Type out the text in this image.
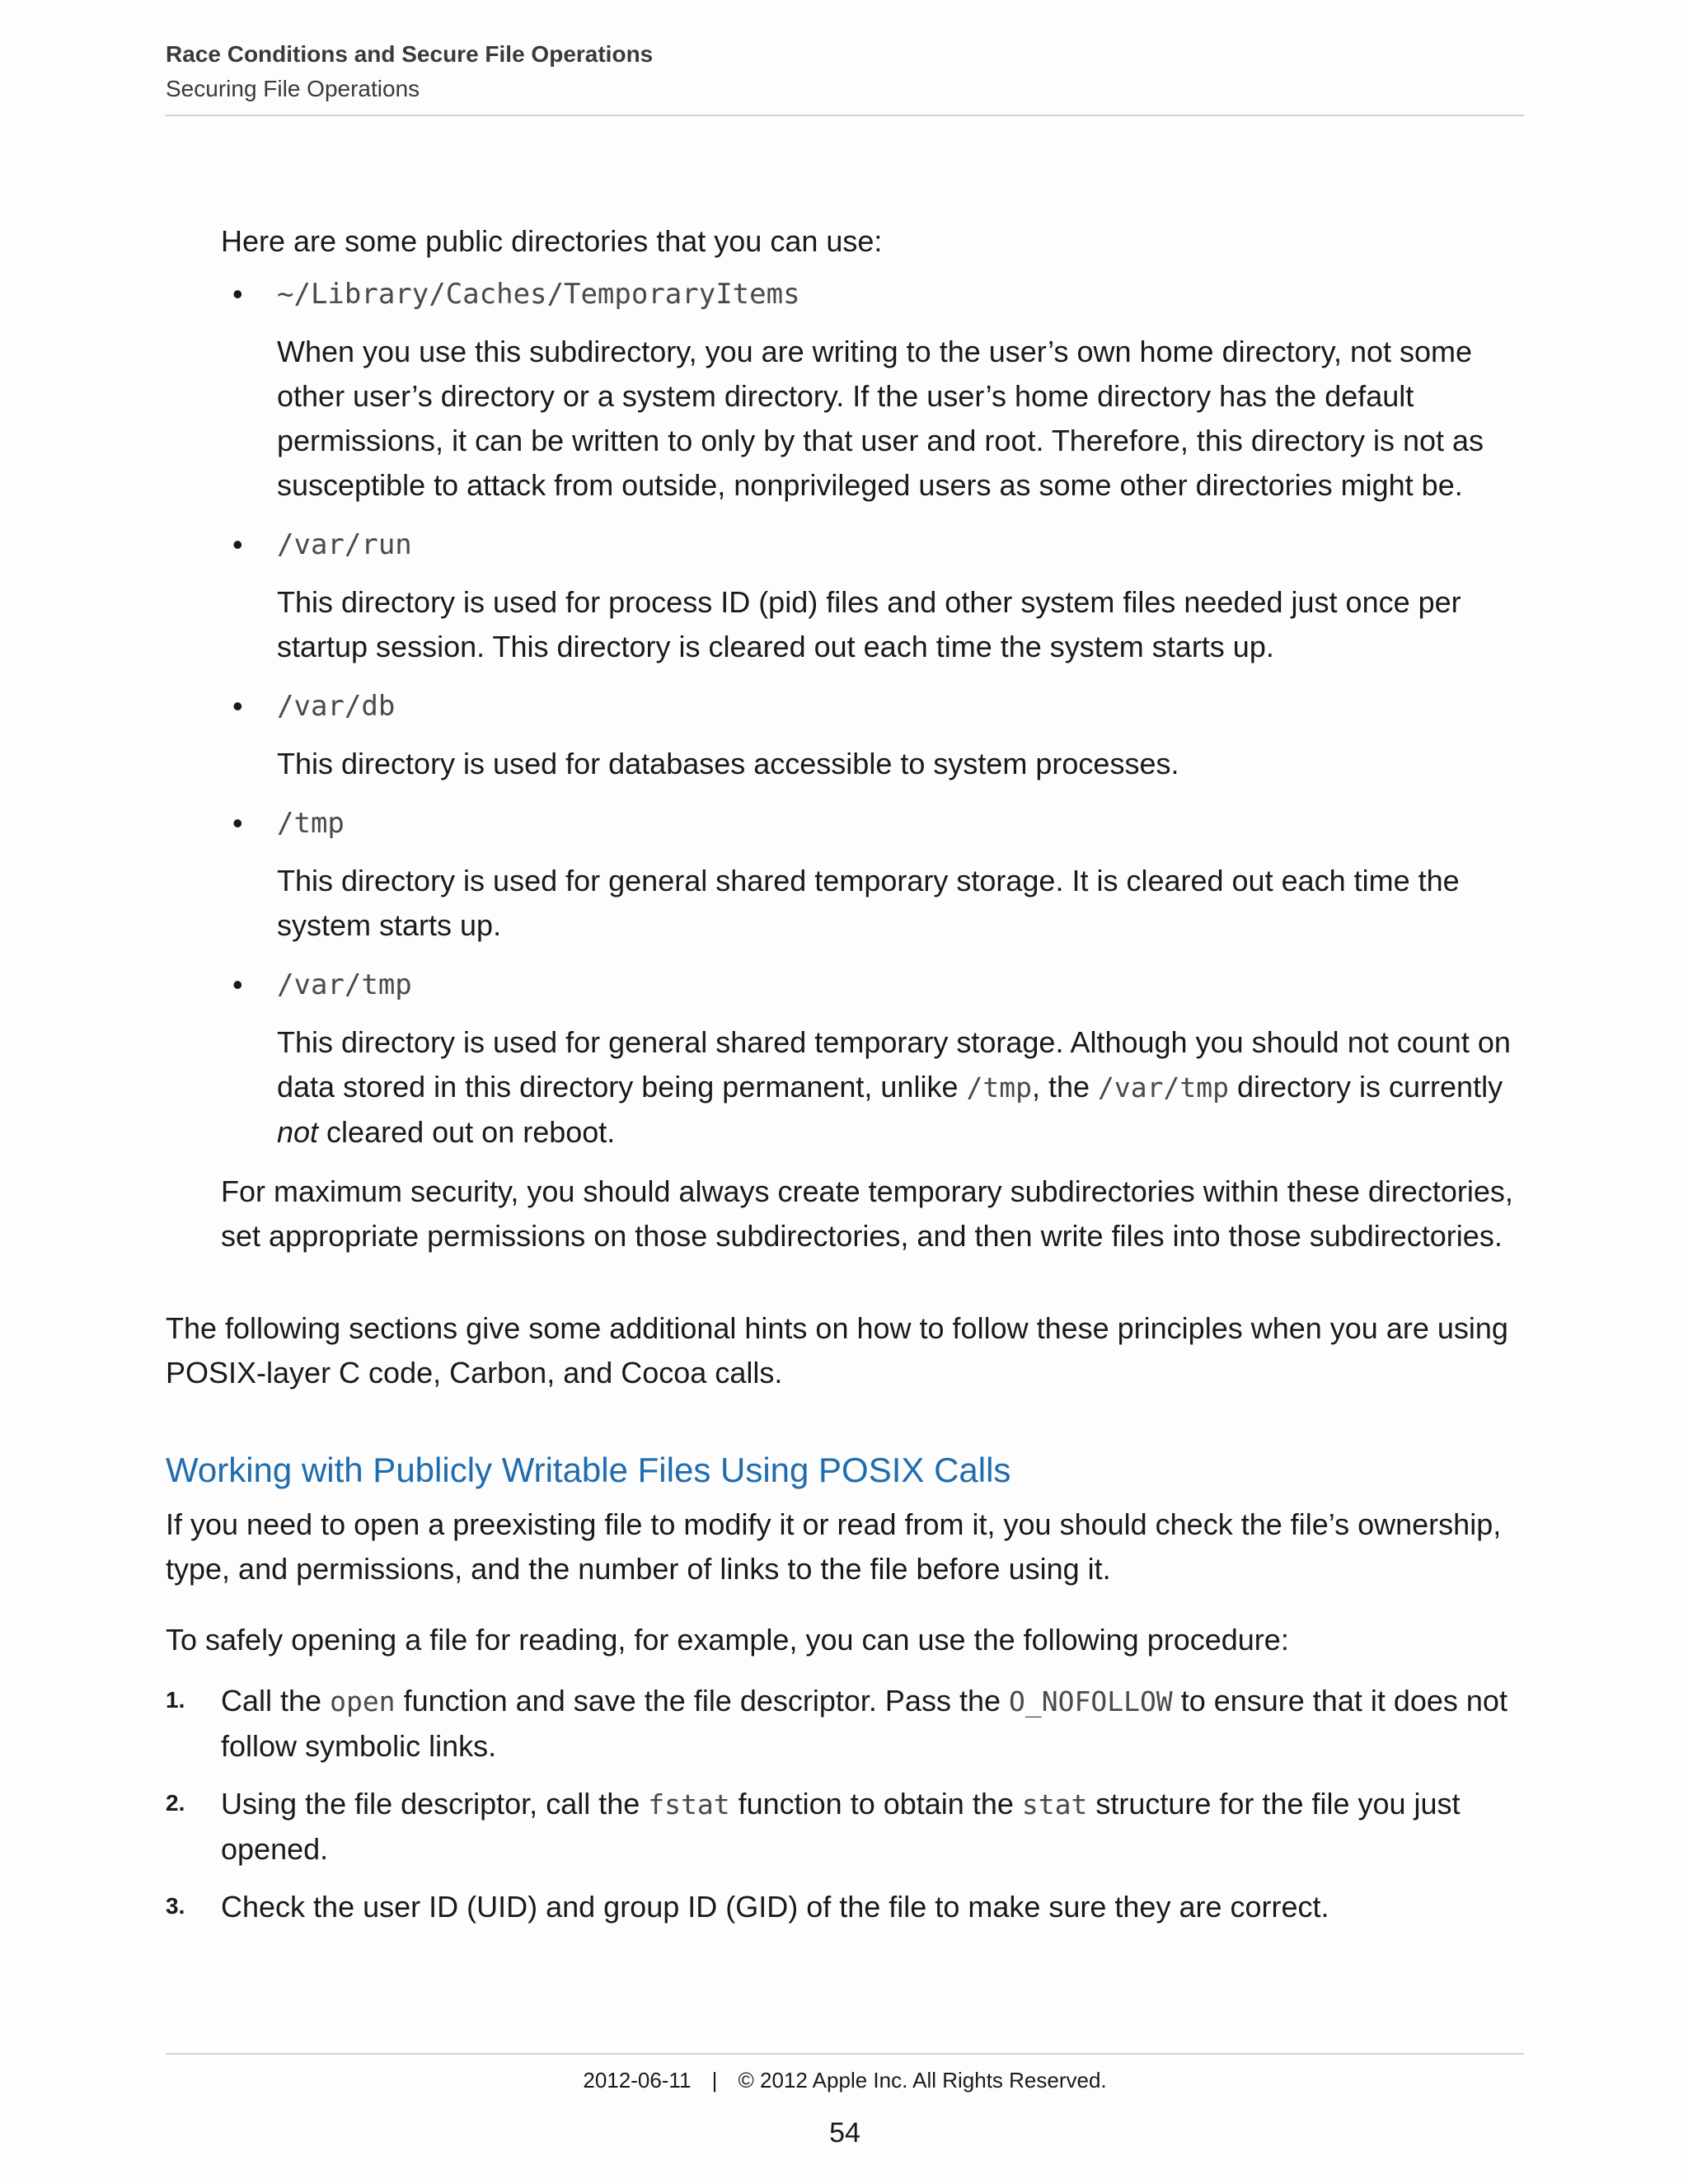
Race Conditions and Secure File Operations
Securing File Operations

Here are some public directories that you can use:

• ~/Library/Caches/TemporaryItems

When you use this subdirectory, you are writing to the user’s own home directory, not some other user’s directory or a system directory. If the user’s home directory has the default permissions, it can be written to only by that user and root. Therefore, this directory is not as susceptible to attack from outside, nonprivileged users as some other directories might be.

• /var/run

This directory is used for process ID (pid) files and other system files needed just once per startup session. This directory is cleared out each time the system starts up.

• /var/db

This directory is used for databases accessible to system processes.

• /tmp

This directory is used for general shared temporary storage. It is cleared out each time the system starts up.

• /var/tmp

This directory is used for general shared temporary storage. Although you should not count on data stored in this directory being permanent, unlike /tmp, the /var/tmp directory is currently not cleared out on reboot.

For maximum security, you should always create temporary subdirectories within these directories, set appropriate permissions on those subdirectories, and then write files into those subdirectories.

The following sections give some additional hints on how to follow these principles when you are using POSIX-layer C code, Carbon, and Cocoa calls.

Working with Publicly Writable Files Using POSIX Calls

If you need to open a preexisting file to modify it or read from it, you should check the file’s ownership, type, and permissions, and the number of links to the file before using it.

To safely opening a file for reading, for example, you can use the following procedure:

1. Call the open function and save the file descriptor. Pass the O_NOFOLLOW to ensure that it does not follow symbolic links.

2. Using the file descriptor, call the fstat function to obtain the stat structure for the file you just opened.

3. Check the user ID (UID) and group ID (GID) of the file to make sure they are correct.

2012-06-11 | © 2012 Apple Inc. All Rights Reserved.
54
